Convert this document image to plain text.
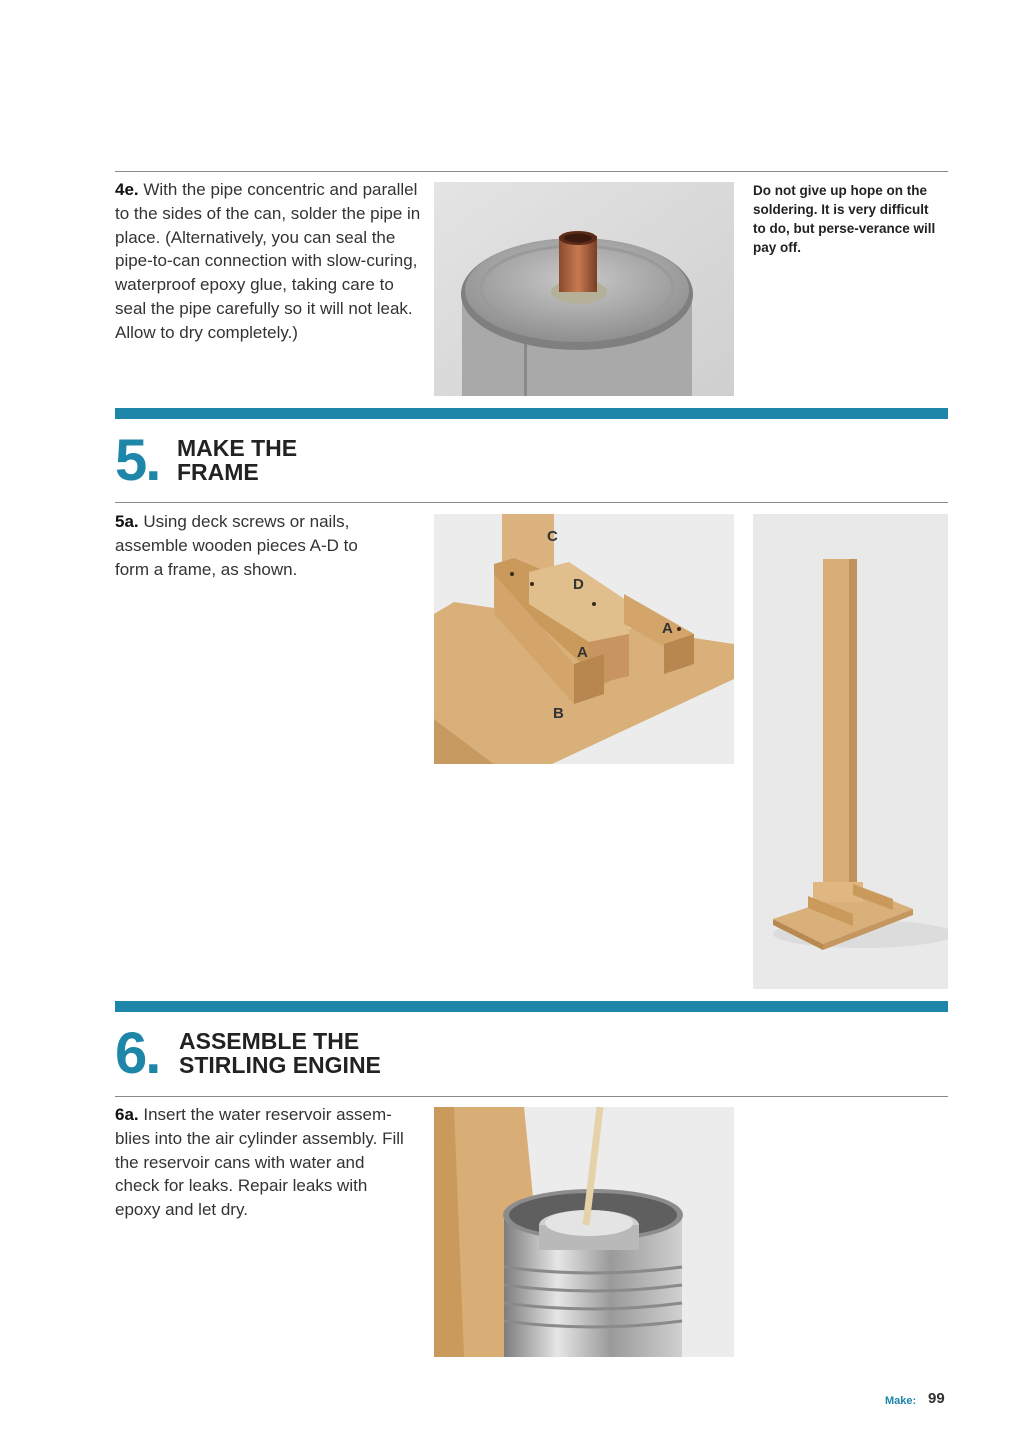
4e. With the pipe concentric and parallel to the sides of the can, solder the pipe in place. (Alternatively, you can seal the pipe-to-can connection with slow-curing, waterproof epoxy glue, taking care to seal the pipe carefully so it will not leak. Allow to dry completely.)
Do not give up hope on the soldering. It is very difficult to do, but perse-verance will pay off.
5. MAKE THE
FRAME
5a. Using deck screws or nails, assemble wooden pieces A-D to form a frame, as shown.
C
D
A
A
B
6. ASSEMBLE THE
STIRLING ENGINE
6a. Insert the water reservoir assem-blies into the air cylinder assembly. Fill the reservoir cans with water and check for leaks. Repair leaks with epoxy and let dry.
Make: 99
